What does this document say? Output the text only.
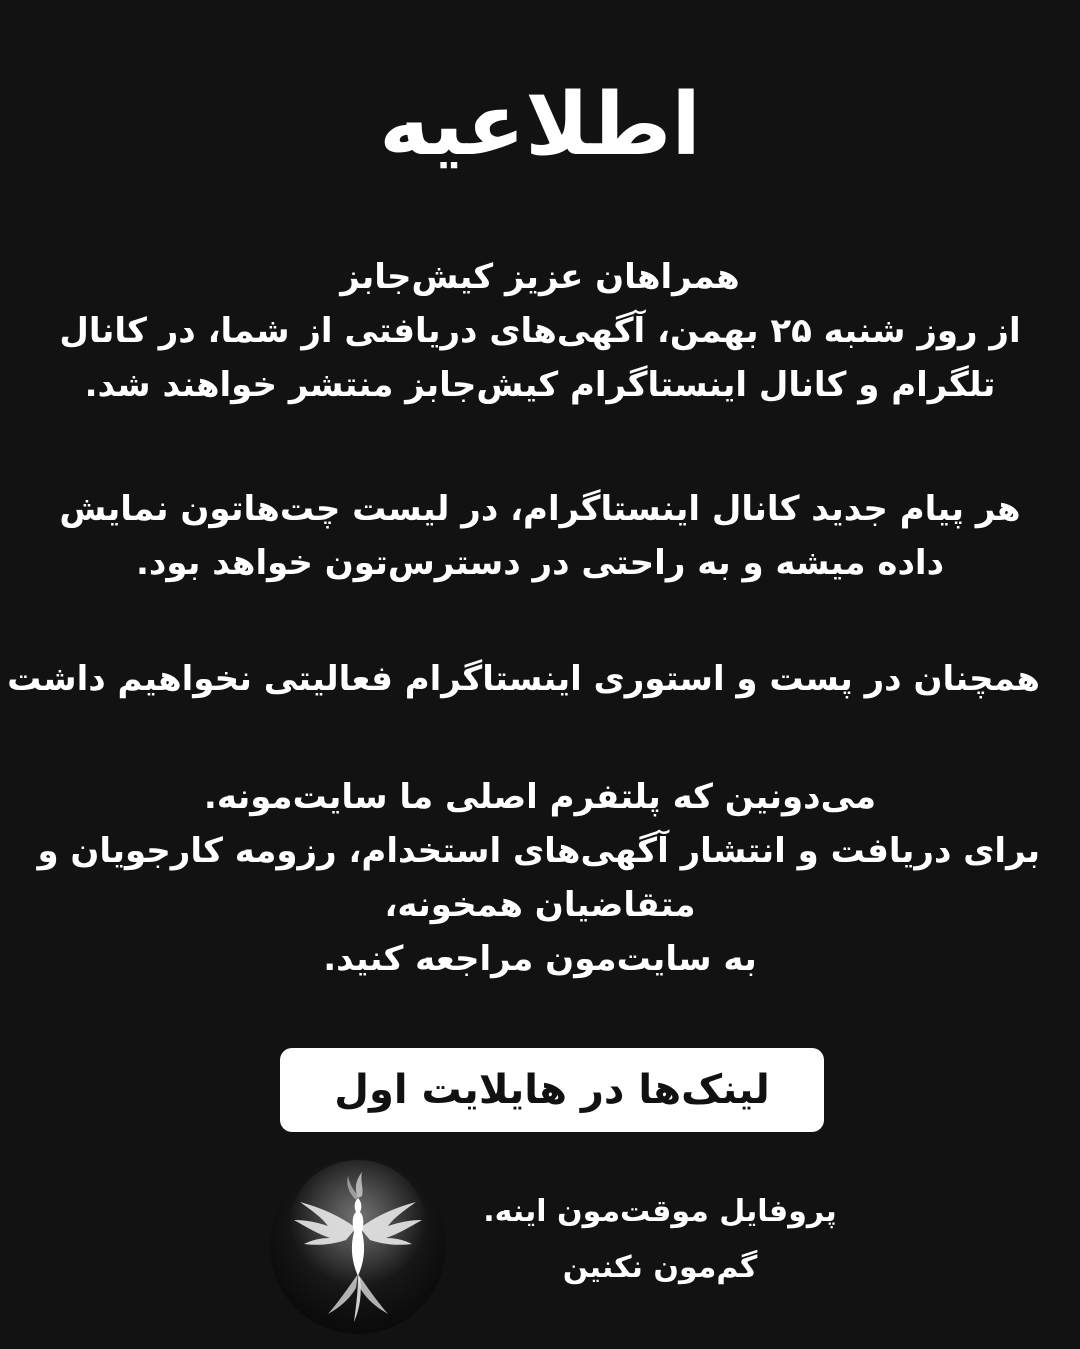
اطلاعیه
همراهان عزیز کیش‌جابز
از روز شنبه ۲۵ بهمن، آگهی‌های دریافتی از شما، در کانال
تلگرام و کانال اینستاگرام کیش‌جابز منتشر خواهند شد.
هر پیام جدید کانال اینستاگرام، در لیست چت‌هاتون نمایش
داده میشه و به راحتی در دسترس‌تون خواهد بود.
همچنان در پست و استوری اینستاگرام فعالیتی نخواهیم داشت
می‌دونین که پلتفرم اصلی ما سایت‌مونه.
برای دریافت و انتشار آگهی‌های استخدام، رزومه کارجویان و
متقاضیان همخونه،
به سایت‌مون مراجعه کنید.
لینک‌ها در هایلایت اول
پروفایل موقت‌مون اینه.
گم‌مون نکنین
